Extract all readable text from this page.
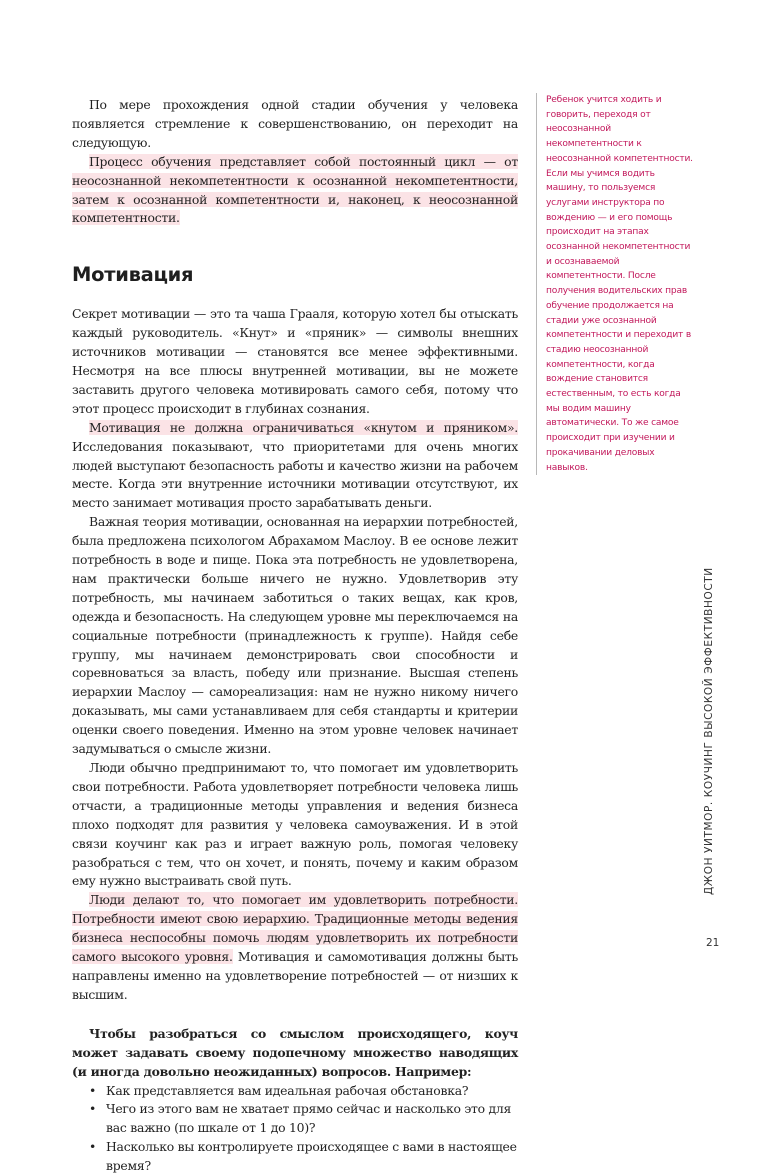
По мере прохождения одной стадии обучения у человека появляется стремление к совершенствованию, он переходит на следующую.

Процесс обучения представляет собой постоянный цикл — от неосознанной некомпетентности к осознанной некомпетентности, затем к осознанной компетентности и, наконец, к неосознанной компетентности.

Мотивация

Секрет мотивации — это та чаша Грааля, которую хотел бы отыскать каждый руководитель. «Кнут» и «пряник» — символы внешних источников мотивации — становятся все менее эффективными. Несмотря на все плюсы внутренней мотивации, вы не можете заставить другого человека мотивировать самого себя, потому что этот процесс происходит в глубинах сознания.

Мотивация не должна ограничиваться «кнутом и пряником». Исследования показывают, что приоритетами для очень многих людей выступают безопасность работы и качество жизни на рабочем месте. Когда эти внутренние источники мотивации отсутствуют, их место занимает мотивация просто зарабатывать деньги.

Важная теория мотивации, основанная на иерархии потребностей, была предложена психологом Абрахамом Маслоу. В ее основе лежит потребность в воде и пище. Пока эта потребность не удовлетворена, нам практически больше ничего не нужно. Удовлетворив эту потребность, мы начинаем заботиться о таких вещах, как кров, одежда и безопасность. На следующем уровне мы переключаемся на социальные потребности (принадлежность к группе). Найдя себе группу, мы начинаем демонстрировать свои способности и соревноваться за власть, победу или признание. Высшая степень иерархии Маслоу — самореализация: нам не нужно никому ничего доказывать, мы сами устанавливаем для себя стандарты и критерии оценки своего поведения. Именно на этом уровне человек начинает задумываться о смысле жизни.

Люди обычно предпринимают то, что помогает им удовлетворить свои потребности. Работа удовлетворяет потребности человека лишь отчасти, а традиционные методы управления и ведения бизнеса плохо подходят для развития у человека самоуважения. И в этой связи коучинг как раз и играет важную роль, помогая человеку разобраться с тем, что он хочет, и понять, почему и каким образом ему нужно выстраивать свой путь.

Люди делают то, что помогает им удовлетворить потребности. Потребности имеют свою иерархию. Традиционные методы ведения бизнеса неспособны помочь людям удовлетворить их потребности самого высокого уровня. Мотивация и самомотивация должны быть направлены именно на удовлетворение потребностей — от низших к высшим.

Чтобы разобраться со смыслом происходящего, коуч может задавать своему подопечному множество наводящих (и иногда довольно неожиданных) вопросов. Например:

• Как представляется вам идеальная рабочая обстановка?
• Чего из этого вам не хватает прямо сейчас и насколько это для вас важно (по шкале от 1 до 10)?
• Насколько вы контролируете происходящее с вами в настоящее время?
Ребенок учится ходить и говорить, переходя от неосознанной некомпетентности к неосознанной компетентности. Если мы учимся водить машину, то пользуемся услугами инструктора по вождению — и его помощь происходит на этапах осознанной некомпетентности и осознаваемой компетентности. После получения водительских прав обучение продолжается на стадии уже осознанной компетентности и переходит в стадию неосознанной компетентности, когда вождение становится естественным, то есть когда мы водим машину автоматически. То же самое происходит при изучении и прокачивании деловых навыков.
ДЖОН УИТМОР. КОУЧИНГ ВЫСОКОЙ ЭФФЕКТИВНОСТИ
21
